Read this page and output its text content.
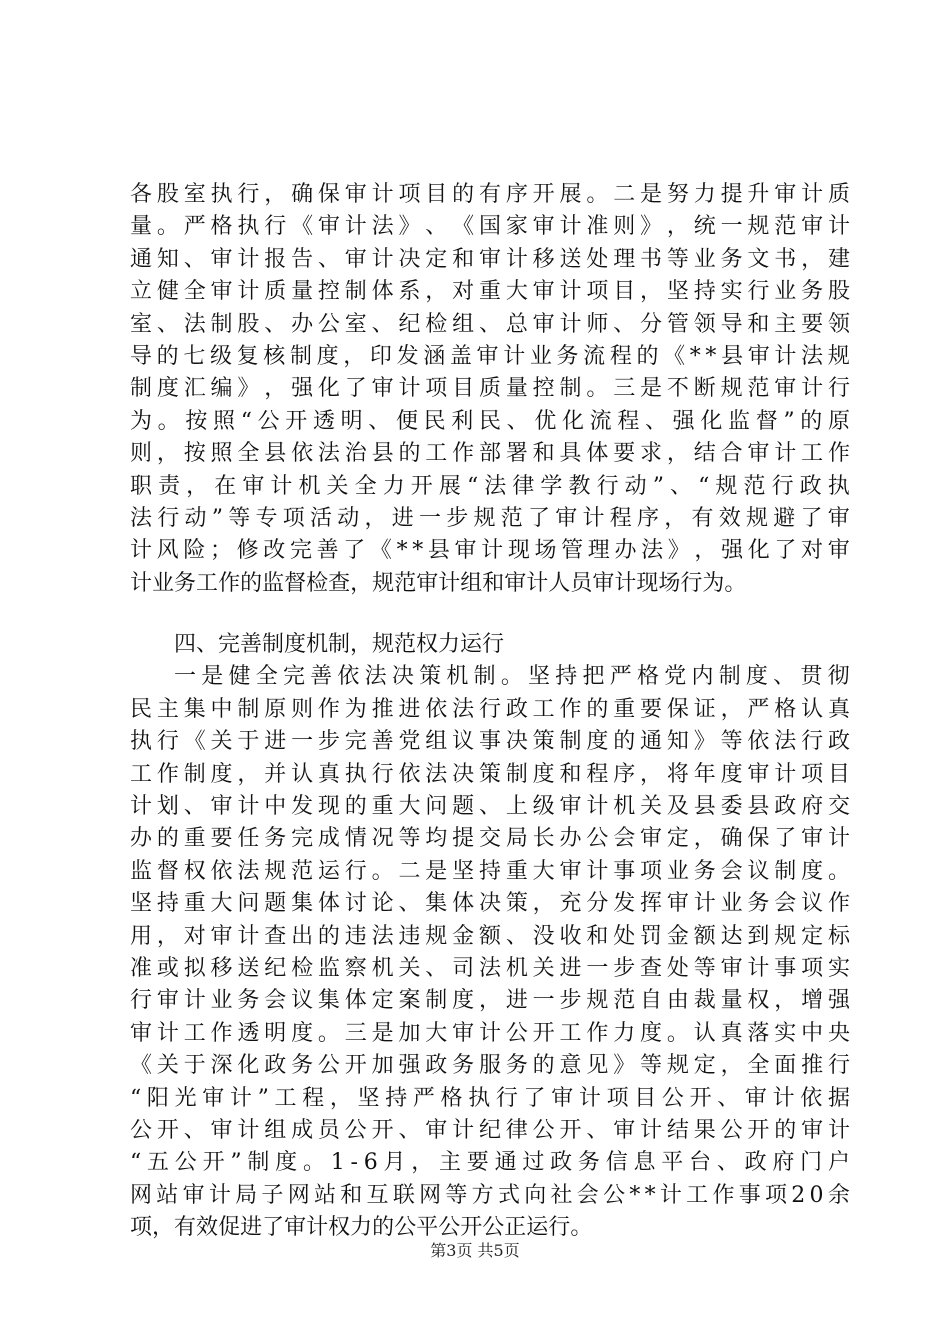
各 股 室 执 行 ， 确 保 审 计 项 目 的 有 序 开 展 。 二 是 努 力 提 升 审 计 质
量 。 严 格 执 行 《 审 计 法 》 、 《 国 家 审 计 准 则 》 ， 统 一 规 范 审 计
通 知 、 审 计 报 告 、 审 计 决 定 和 审 计 移 送 处 理 书 等 业 务 文 书 ， 建
立 健 全 审 计 质 量 控 制 体 系 ， 对 重 大 审 计 项 目 ， 坚 持 实 行 业 务 股
室 、 法 制 股 、 办 公 室 、 纪 检 组 、 总 审 计 师 、 分 管 领 导 和 主 要 领
导 的 七 级 复 核 制 度 ， 印 发 涵 盖 审 计 业 务 流 程 的 《 * * 县 审 计 法 规
制 度 汇 编 》 ， 强 化 了 审 计 项 目 质 量 控 制 。 三 是 不 断 规 范 审 计 行
为 。 按 照 “ 公 开 透 明 、 便 民 利 民 、 优 化 流 程 、 强 化 监 督 ” 的 原
则 ， 按 照 全 县 依 法 治 县 的 工 作 部 署 和 具 体 要 求 ， 结 合 审 计 工 作
职 责 ， 在 审 计 机 关 全 力 开 展 “ 法 律 学 教 行 动 ” 、 “ 规 范 行 政 执
法 行 动 ” 等 专 项 活 动 ， 进 一 步 规 范 了 审 计 程 序 ， 有 效 规 避 了 审
计 风 险 ； 修 改 完 善 了 《 * * 县 审 计 现 场 管 理 办 法 》 ， 强 化 了 对 审
计 业 务 工 作 的 监 督 检 查 ， 规 范 审 计 组 和 审 计 人 员 审 计 现 场 行 为 。
四、完善制度机制，规范权力运行
一 是 健 全 完 善 依 法 决 策 机 制 。 坚 持 把 严 格 党 内 制 度 、 贯 彻
民 主 集 中 制 原 则 作 为 推 进 依 法 行 政 工 作 的 重 要 保 证 ， 严 格 认 真
执 行 《 关 于 进 一 步 完 善 党 组 议 事 决 策 制 度 的 通 知 》 等 依 法 行 政
工 作 制 度 ， 并 认 真 执 行 依 法 决 策 制 度 和 程 序 ， 将 年 度 审 计 项 目
计 划 、 审 计 中 发 现 的 重 大 问 题 、 上 级 审 计 机 关 及 县 委 县 政 府 交
办 的 重 要 任 务 完 成 情 况 等 均 提 交 局 长 办 公 会 审 定 ， 确 保 了 审 计
监 督 权 依 法 规 范 运 行 。 二 是 坚 持 重 大 审 计 事 项 业 务 会 议 制 度 。
坚 持 重 大 问 题 集 体 讨 论 、 集 体 决 策 ， 充 分 发 挥 审 计 业 务 会 议 作
用 ， 对 审 计 查 出 的 违 法 违 规 金 额 、 没 收 和 处 罚 金 额 达 到 规 定 标
准 或 拟 移 送 纪 检 监 察 机 关 、 司 法 机 关 进 一 步 查 处 等 审 计 事 项 实
行 审 计 业 务 会 议 集 体 定 案 制 度 ， 进 一 步 规 范 自 由 裁 量 权 ， 增 强
审 计 工 作 透 明 度 。 三 是 加 大 审 计 公 开 工 作 力 度 。 认 真 落 实 中 央
《 关 于 深 化 政 务 公 开 加 强 政 务 服 务 的 意 见 》 等 规 定 ， 全 面 推 行
“ 阳 光 审 计 ” 工 程 ， 坚 持 严 格 执 行 了 审 计 项 目 公 开 、 审 计 依 据
公 开 、 审 计 组 成 员 公 开 、 审 计 纪 律 公 开 、 审 计 结 果 公 开 的 审 计
“ 五 公 开 ” 制 度 。 1 - 6 月 ， 主 要 通 过 政 务 信 息 平 台 、 政 府 门 户
网 站 审 计 局 子 网 站 和 互 联 网 等 方 式 向 社 会 公 * * 计 工 作 事 项 2 0 余
项 ， 有 效 促 进 了 审 计 权 力 的 公 平 公 开 公 正 运 行 。
第3页 共5页
